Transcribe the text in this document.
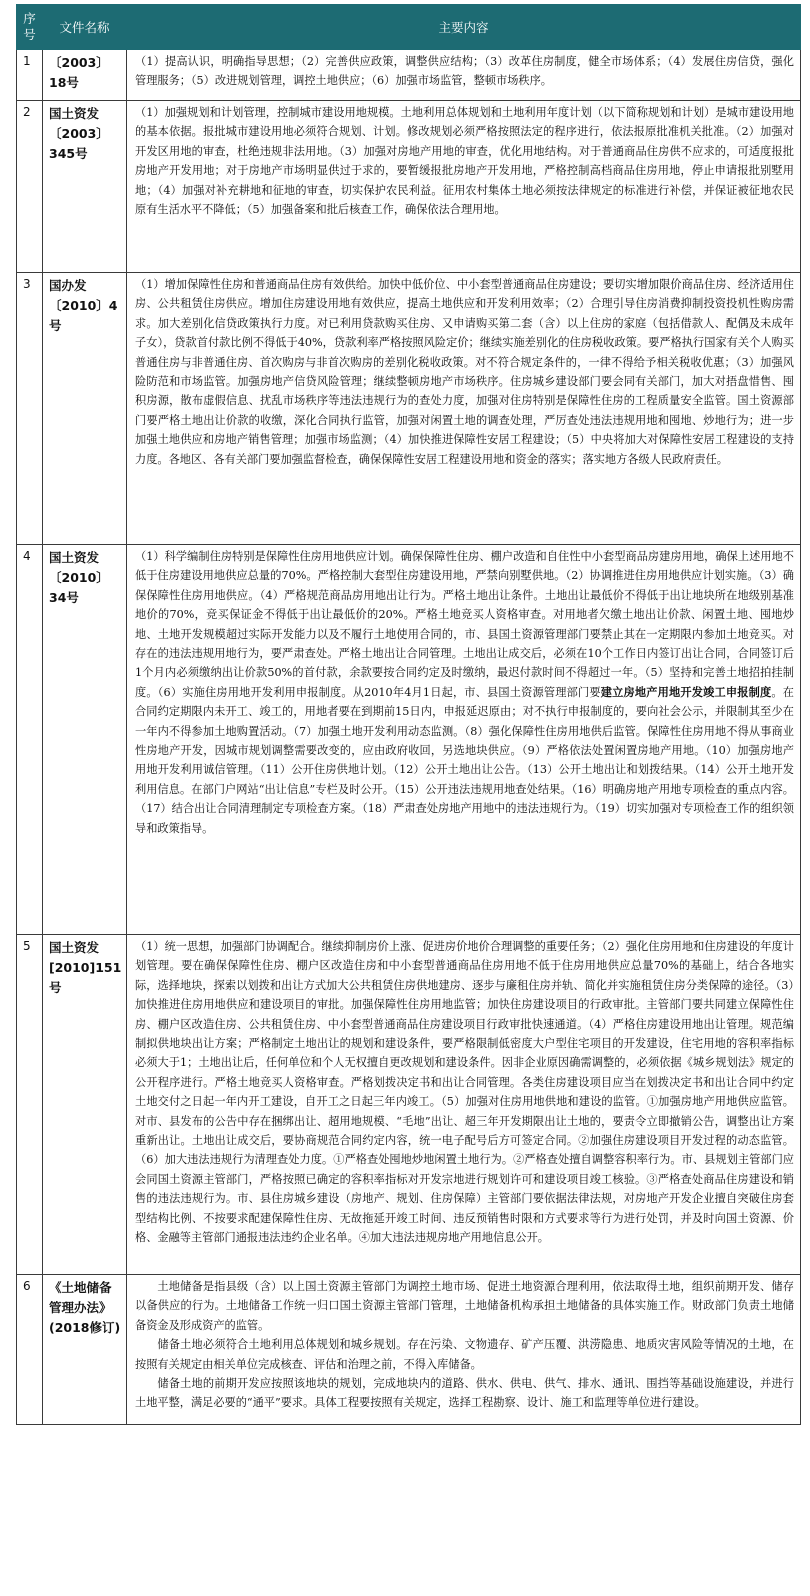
序号	文件名称	主要内容
1	〔2003〕18号	（1）提高认识，明确指导思想；（2）完善供应政策，调整供应结构；（3）改革住房制度，健全市场体系；（4）发展住房信贷，强化管理服务；（5）改进规划管理，调控土地供应；（6）加强市场监管，整顿市场秩序。

2	国土资发〔2003〕345号	（1）加强规划和计划管理，控制城市建设用地规模。土地利用总体规划和土地利用年度计划（以下简称规划和计划）是城市建设用地的基本依据。报批城市建设用地必须符合规划、计划。修改规划必须严格按照法定的程序进行，依法报原批准机关批准。（2）加强对开发区用地的审查，杜绝违规非法用地。（3）加强对房地产用地的审查，优化用地结构。对于普通商品住房供不应求的，可适度报批房地产开发用地；对于房地产市场明显供过于求的，要暂缓报批房地产开发用地，严格控制高档商品住房用地，停止申请报批别墅用地；（4）加强对补充耕地和征地的审查，切实保护农民利益。征用农村集体土地必须按法律规定的标准进行补偿，并保证被征地农民原有生活水平不降低；（5）加强备案和批后核查工作，确保依法合理用地。

3	国办发〔2010〕4号	（1）增加保障性住房和普通商品住房有效供给。加快中低价位、中小套型普通商品住房建设；要切实增加限价商品住房、经济适用住房、公共租赁住房供应。增加住房建设用地有效供应，提高土地供应和开发利用效率；（2）合理引导住房消费抑制投资投机性购房需求。加大差别化信贷政策执行力度。对已利用贷款购买住房、又申请购买第二套（含）以上住房的家庭（包括借款人、配偶及未成年子女），贷款首付款比例不得低于40%，贷款利率严格按照风险定价；继续实施差别化的住房税收政策。要严格执行国家有关个人购买普通住房与非普通住房、首次购房与非首次购房的差别化税收政策。对不符合规定条件的，一律不得给予相关税收优惠；（3）加强风险防范和市场监管。加强房地产信贷风险管理；继续整顿房地产市场秩序。住房城乡建设部门要会同有关部门，加大对捂盘惜售、囤积房源，散布虚假信息、扰乱市场秩序等违法违规行为的查处力度，加强对住房特别是保障性住房的工程质量安全监管。国土资源部门要严格土地出让价款的收缴，深化合同执行监管，加强对闲置土地的调查处理，严厉查处违法违规用地和囤地、炒地行为；进一步加强土地供应和房地产销售管理；加强市场监测；（4）加快推进保障性安居工程建设；（5）中央将加大对保障性安居工程建设的支持力度。各地区、各有关部门要加强监督检查，确保保障性安居工程建设用地和资金的落实；落实地方各级人民政府责任。

4	国土资发〔2010〕34号	（1）科学编制住房特别是保障性住房用地供应计划。确保保障性住房、棚户改造和自住性中小套型商品房建房用地，确保上述用地不低于住房建设用地供应总量的70%。严格控制大套型住房建设用地，严禁向别墅供地。（2）协调推进住房用地供应计划实施。（3）确保保障性住房用地供应。（4）严格规范商品房用地出让行为。严格土地出让条件。土地出让最低价不得低于出让地块所在地级别基准地价的70%，竞买保证金不得低于出让最低价的20%。严格土地竞买人资格审查。对用地者欠缴土地出让价款、闲置土地、囤地炒地、土地开发规模超过实际开发能力以及不履行土地使用合同的，市、县国土资源管理部门要禁止其在一定期限内参加土地竞买。对存在的违法违规用地行为，要严肃查处。严格土地出让合同管理。土地出让成交后，必须在10个工作日内签订出让合同，合同签订后1个月内必须缴纳出让价款50%的首付款，余款要按合同约定及时缴纳，最迟付款时间不得超过一年。（5）坚持和完善土地招拍挂制度。（6）实施住房用地开发利用申报制度。从2010年4月1日起，市、县国土资源管理部门要建立房地产用地开发竣工申报制度。在合同约定期限内未开工、竣工的，用地者要在到期前15日内，申报延迟原由；对不执行申报制度的，要向社会公示，并限制其至少在一年内不得参加土地购置活动。（7）加强土地开发利用动态监测。（8）强化保障性住房用地供后监管。保障性住房用地不得从事商业性房地产开发，因城市规划调整需要改变的，应由政府收回，另选地块供应。（9）严格依法处置闲置房地产用地。（10）加强房地产用地开发利用诚信管理。（11）公开住房供地计划。（12）公开土地出让公告。（13）公开土地出让和划拨结果。（14）公开土地开发利用信息。在部门户网站“出让信息”专栏及时公开。（15）公开违法违规用地查处结果。（16）明确房地产用地专项检查的重点内容。（17）结合出让合同清理制定专项检查方案。（18）严肃查处房地产用地中的违法违规行为。（19）切实加强对专项检查工作的组织领导和政策指导。

5	国土资发[2010]151号	（1）统一思想，加强部门协调配合。继续抑制房价上涨、促进房价地价合理调整的重要任务；（2）强化住房用地和住房建设的年度计划管理。要在确保保障性住房、棚户区改造住房和中小套型普通商品住房用地不低于住房用地供应总量70%的基础上，结合各地实际，选择地块，探索以划拨和出让方式加大公共租赁住房供地建房、逐步与廉租住房并轨、简化并实施租赁住房分类保障的途径。（3）加快推进住房用地供应和建设项目的审批。加强保障性住房用地监管；加快住房建设项目的行政审批。主管部门要共同建立保障性住房、棚户区改造住房、公共租赁住房、中小套型普通商品住房建设项目行政审批快速通道。（4）严格住房建设用地出让管理。规范编制拟供地块出让方案；严格制定土地出让的规划和建设条件，要严格限制低密度大户型住宅项目的开发建设，住宅用地的容积率指标必须大于1；土地出让后，任何单位和个人无权擅自更改规划和建设条件。因非企业原因确需调整的，必须依据《城乡规划法》规定的公开程序进行。严格土地竞买人资格审查。严格划拨决定书和出让合同管理。各类住房建设项目应当在划拨决定书和出让合同中约定土地交付之日起一年内开工建设，自开工之日起三年内竣工。（5）加强对住房用地供地和建设的监管。①加强房地产用地供应监管。对市、县发布的公告中存在捆绑出让、超用地规模、“毛地”出让、超三年开发期限出让土地的，要责令立即撤销公告，调整出让方案重新出让。土地出让成交后，要协商规范合同约定内容，统一电子配号后方可签定合同。②加强住房建设项目开发过程的动态监管。（6）加大违法违规行为清理查处力度。①严格查处囤地炒地闲置土地行为。②严格查处擅自调整容积率行为。市、县规划主管部门应会同国土资源主管部门，严格按照已确定的容积率指标对开发宗地进行规划许可和建设项目竣工核验。③严格查处商品住房建设和销售的违法违规行为。市、县住房城乡建设（房地产、规划、住房保障）主管部门要依据法律法规，对房地产开发企业擅自突破住房套型结构比例、不按要求配建保障性住房、无故拖延开竣工时间、违反预销售时限和方式要求等行为进行处罚，并及时向国土资源、价格、金融等主管部门通报违法违约企业名单。④加大违法违规房地产用地信息公开。

6	《土地储备管理办法》(2018修订)	土地储备是指县级（含）以上国土资源主管部门为调控土地市场、促进土地资源合理利用，依法取得土地，组织前期开发、储存以备供应的行为。土地储备工作统一归口国土资源主管部门管理，土地储备机构承担土地储备的具体实施工作。财政部门负责土地储备资金及形成资产的监管。

储备土地必须符合土地利用总体规划和城乡规划。存在污染、文物遗存、矿产压覆、洪涝隐患、地质灾害风险等情况的土地，在按照有关规定由相关单位完成核查、评估和治理之前，不得入库储备。

储备土地的前期开发应按照该地块的规划，完成地块内的道路、供水、供电、供气、排水、通讯、围挡等基础设施建设，并进行土地平整，满足必要的“通平”要求。具体工程要按照有关规定，选择工程勘察、设计、施工和监理等单位进行建设。
